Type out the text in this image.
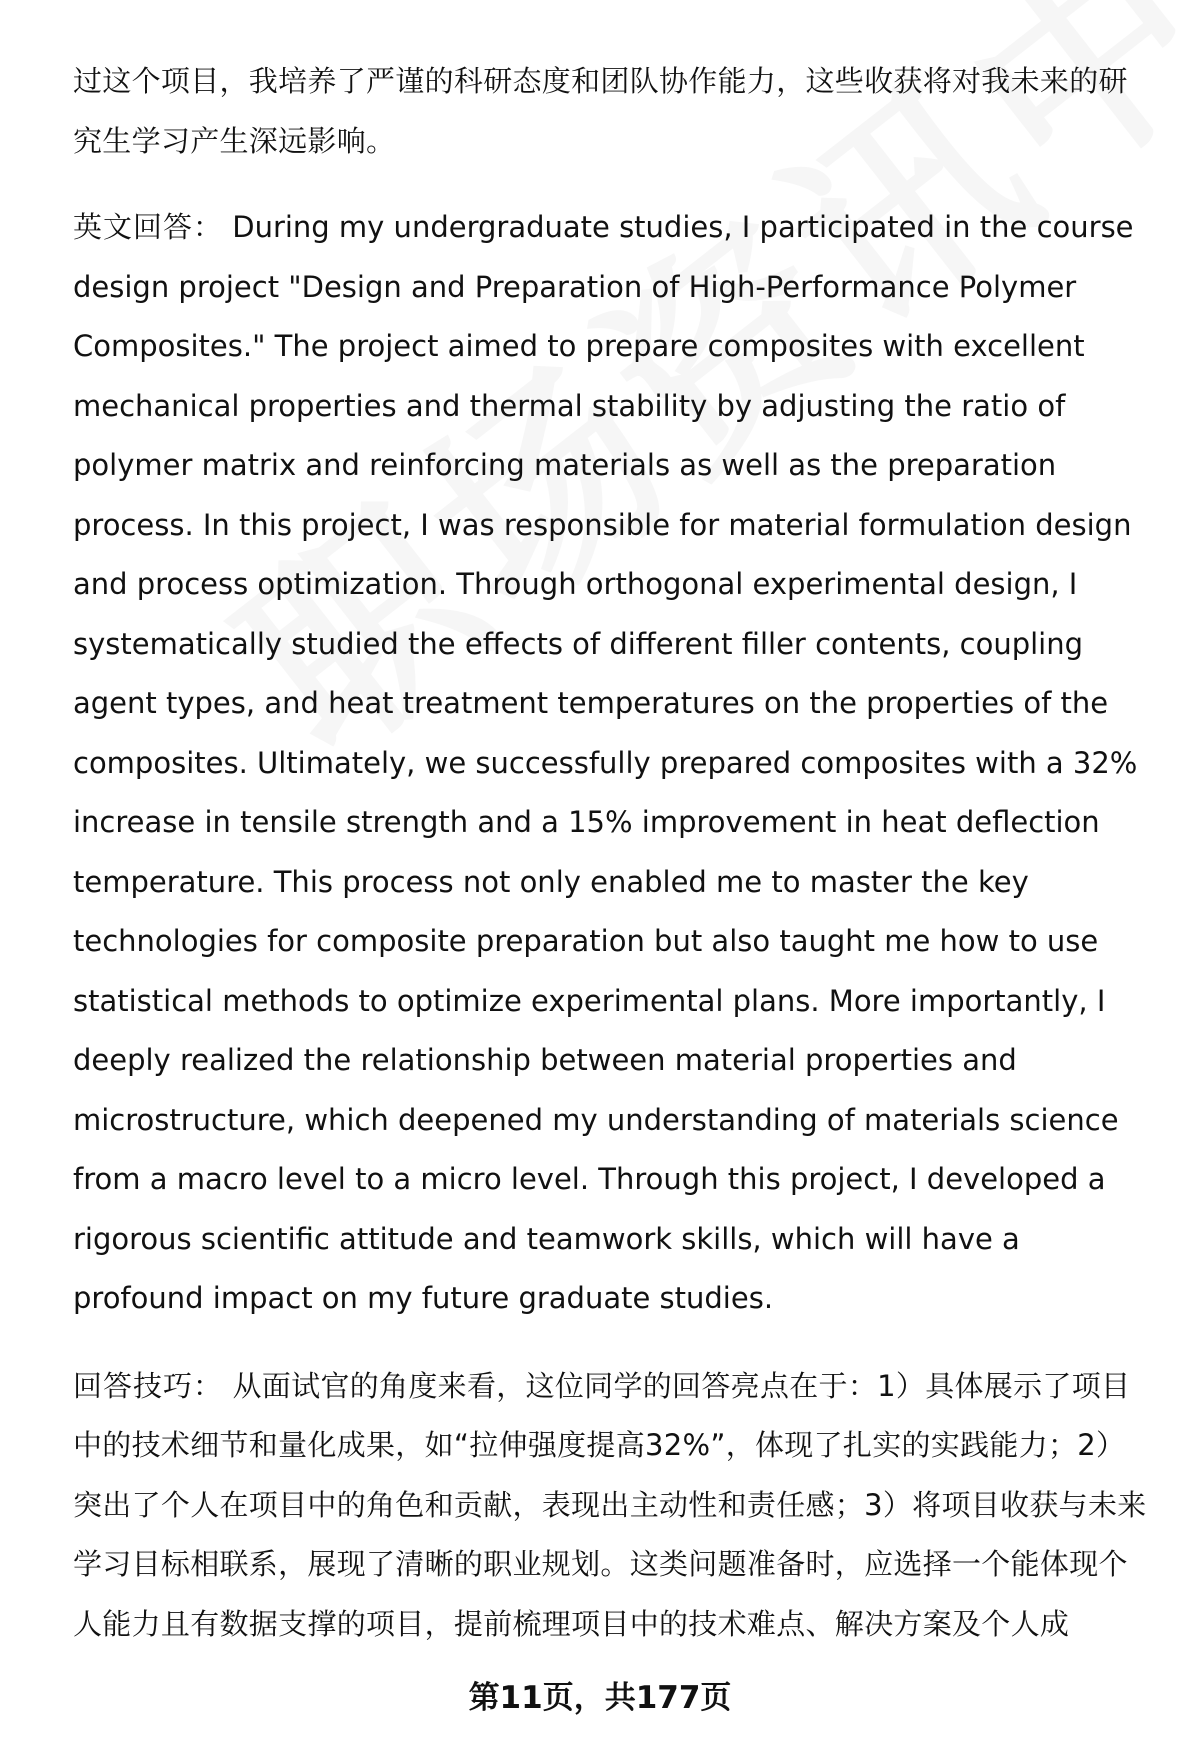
过这个项目，我培养了严谨的科研态度和团队协作能力，这些收获将对我未来的研究生学习产生深远影响。

英文回答： During my undergraduate studies, I participated in the course design project "Design and Preparation of High-Performance Polymer Composites." The project aimed to prepare composites with excellent mechanical properties and thermal stability by adjusting the ratio of polymer matrix and reinforcing materials as well as the preparation process. In this project, I was responsible for material formulation design and process optimization. Through orthogonal experimental design, I systematically studied the effects of different filler contents, coupling agent types, and heat treatment temperatures on the properties of the composites. Ultimately, we successfully prepared composites with a 32% increase in tensile strength and a 15% improvement in heat deflection temperature. This process not only enabled me to master the key technologies for composite preparation but also taught me how to use statistical methods to optimize experimental plans. More importantly, I deeply realized the relationship between material properties and microstructure, which deepened my understanding of materials science from a macro level to a micro level. Through this project, I developed a rigorous scientific attitude and teamwork skills, which will have a profound impact on my future graduate studies.

回答技巧： 从面试官的角度来看，这位同学的回答亮点在于：1）具体展示了项目中的技术细节和量化成果，如“拉伸强度提高32%”，体现了扎实的实践能力；2）突出了个人在项目中的角色和贡献，表现出主动性和责任感；3）将项目收获与未来学习目标相联系，展现了清晰的职业规划。这类问题准备时，应选择一个能体现个人能力且有数据支撑的项目，提前梳理项目中的技术难点、解决方案及个人成

第11页，共177页
